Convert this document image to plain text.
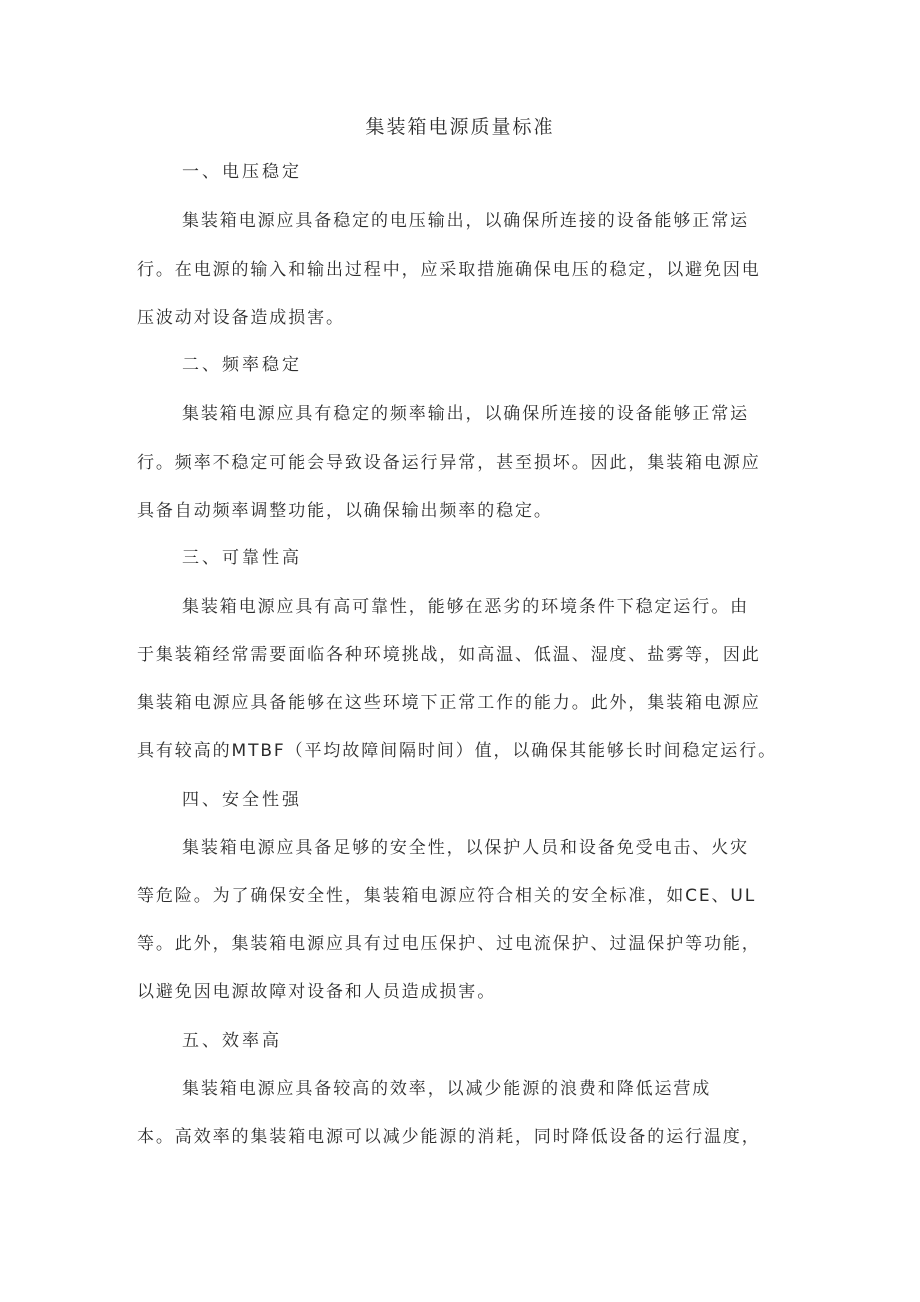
集装箱电源质量标准
一、电压稳定

集装箱电源应具备稳定的电压输出，以确保所连接的设备能够正常运

行。在电源的输入和输出过程中，应采取措施确保电压的稳定，以避免因电

压波动对设备造成损害。

二、频率稳定

集装箱电源应具有稳定的频率输出，以确保所连接的设备能够正常运

行。频率不稳定可能会导致设备运行异常，甚至损坏。因此，集装箱电源应

具备自动频率调整功能，以确保输出频率的稳定。

三、可靠性高

集装箱电源应具有高可靠性，能够在恶劣的环境条件下稳定运行。由

于集装箱经常需要面临各种环境挑战，如高温、低温、湿度、盐雾等，因此

集装箱电源应具备能够在这些环境下正常工作的能力。此外，集装箱电源应

具有较高的MTBF（平均故障间隔时间）值，以确保其能够长时间稳定运行。

四、安全性强

集装箱电源应具备足够的安全性，以保护人员和设备免受电击、火灾

等危险。为了确保安全性，集装箱电源应符合相关的安全标准，如CE、UL

等。此外，集装箱电源应具有过电压保护、过电流保护、过温保护等功能，

以避免因电源故障对设备和人员造成损害。

五、效率高

集装箱电源应具备较高的效率，以减少能源的浪费和降低运营成

本。高效率的集装箱电源可以减少能源的消耗，同时降低设备的运行温度，
